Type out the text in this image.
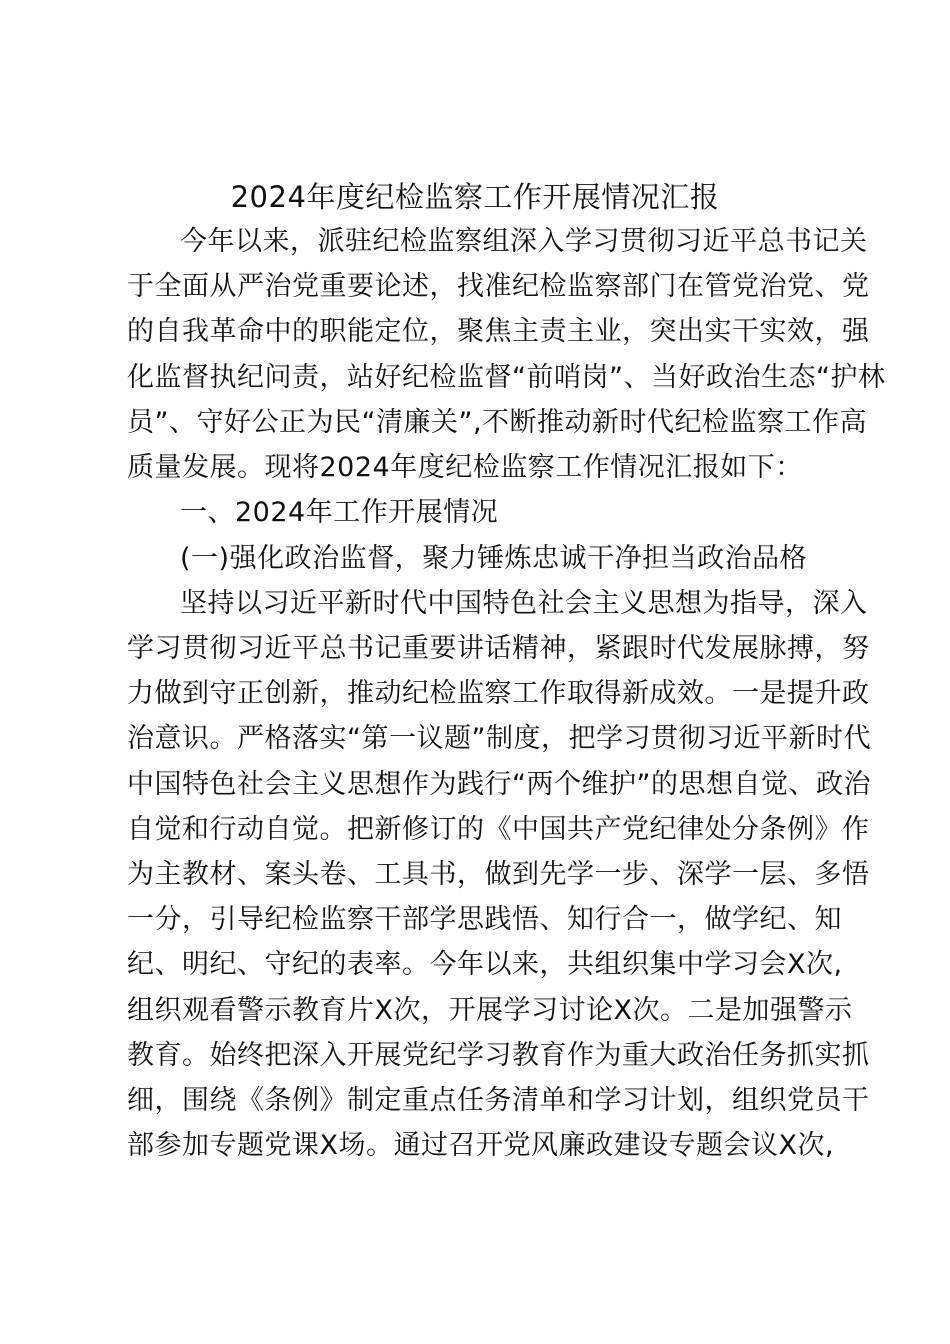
2024年度纪检监察工作开展情况汇报
今年以来，派驻纪检监察组深入学习贯彻习近平总书记关
于全面从严治党重要论述，找准纪检监察部门在管党治党、党
的自我革命中的职能定位，聚焦主责主业，突出实干实效，强
化监督执纪问责，站好纪检监督“前哨岗”、当好政治生态“护林
员”、守好公正为民“清廉关”,不断推动新时代纪检监察工作高
质量发展。现将2024年度纪检监察工作情况汇报如下：
一、2024年工作开展情况
(一)强化政治监督，聚力锤炼忠诚干净担当政治品格
坚持以习近平新时代中国特色社会主义思想为指导，深入
学习贯彻习近平总书记重要讲话精神，紧跟时代发展脉搏，努
力做到守正创新，推动纪检监察工作取得新成效。一是提升政
治意识。严格落实“第一议题”制度，把学习贯彻习近平新时代
中国特色社会主义思想作为践行“两个维护”的思想自觉、政治
自觉和行动自觉。把新修订的《中国共产党纪律处分条例》作
为主教材、案头卷、工具书，做到先学一步、深学一层、多悟
一分，引导纪检监察干部学思践悟、知行合一，做学纪、知
纪、明纪、守纪的表率。今年以来，共组织集中学习会X次,
组织观看警示教育片X次，开展学习讨论X次。二是加强警示
教育。始终把深入开展党纪学习教育作为重大政治任务抓实抓
细，围绕《条例》制定重点任务清单和学习计划，组织党员干
部参加专题党课X场。通过召开党风廉政建设专题会议X次,
